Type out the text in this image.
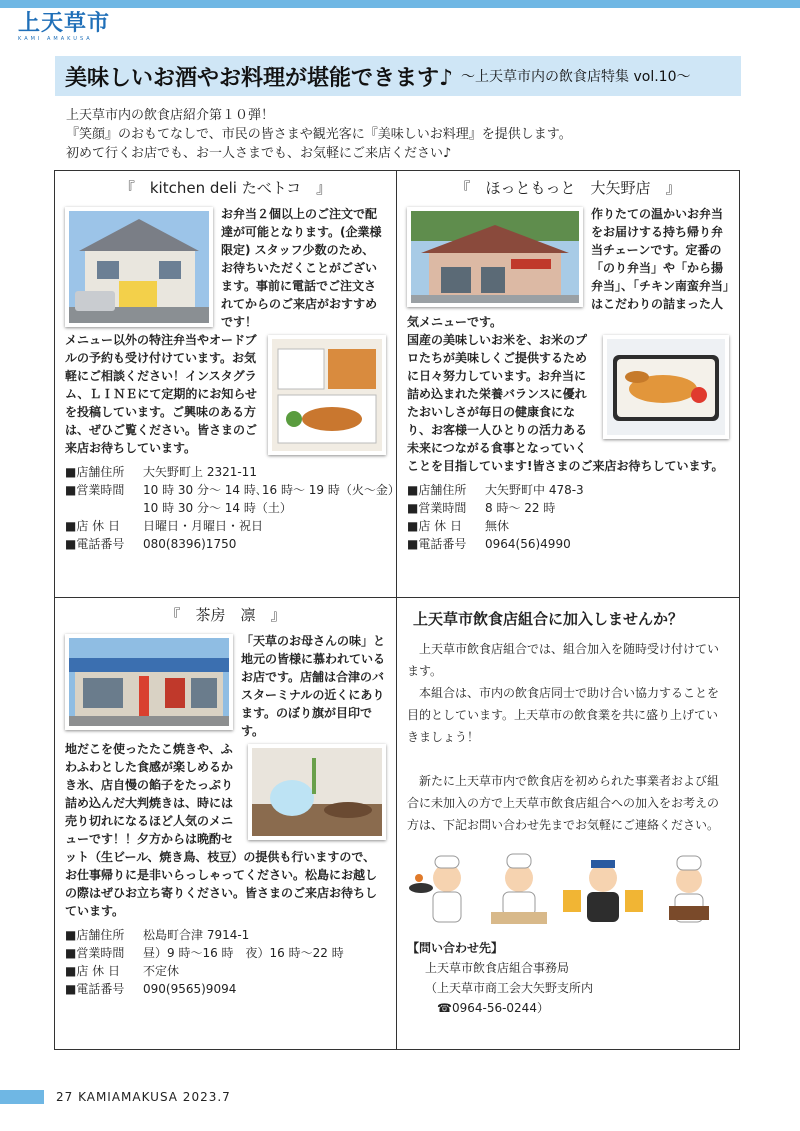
上天草市
KAMI AMAKUSA
美味しいお酒やお料理が堪能できます♪ ～上天草市内の飲食店特集 vol.10～

上天草市内の飲食店紹介第１０弾！

『笑顔』のおもてなしで、市民の皆さまや観光客に『美味しいお料理』を提供します。

初めて行くお店でも、お一人さまでも、お気軽にご来店ください♪

『　kitchen deli たべトコ　』
お弁当２個以上のご注文で配達が可能となります。(企業様限定) スタッフ少数のため、お待ちいただくことがございます。事前に電話でご注文されてからのご来店がおすすめです！
メニュー以外の特注弁当やオードブルの予約も受け付けています。お気軽にご相談ください！インスタグラム、ＬＩＮＥにて定期的にお知らせを投稿しています。ご興味のある方は、ぜひご覧ください。皆さまのご来店お待ちしています。
■店舗住所	大矢野町上 2321-11
■営業時間	10 時 30 分～ 14 時､16 時～ 19 時（火～金）
10 時 30 分～ 14 時（土）
■店 休 日	日曜日・月曜日・祝日
■電話番号	080(8396)1750
『　ほっともっと　大矢野店　』
作りたての温かいお弁当をお届けする持ち帰り弁当チェーンです。定番の「のり弁当」や「から揚弁当」、「チキン南蛮弁当」はこだわりの詰まった人気メニューです。
国産の美味しいお米を、お米のプロたちが美味しくご提供するために日々努力しています。お弁当に詰め込まれた栄養バランスに優れたおいしさが毎日の健康食になり、お客様一人ひとりの活力ある未来につながる食事となっていくことを目指しています!皆さまのご来店お待ちしています。
■店舗住所	大矢野町中 478-3
■営業時間	8 時～ 22 時
■店 休 日	無休
■電話番号	0964(56)4990
『　茶房　凛　』
「天草のお母さんの味」と地元の皆様に慕われているお店です。店舗は合津のバスターミナルの近くにあります。のぼり旗が目印です。
地だこを使ったたこ焼きや、ふわふわとした食感が楽しめるかき氷、店自慢の餡子をたっぷり詰め込んだ大判焼きは、時には売り切れになるほど人気のメニューです！！夕方からは晩酌セット（生ビール、焼き鳥、枝豆）の提供も行いますので、お仕事帰りに是非いらっしゃってください。松島にお越しの際はぜひお立ち寄りください。皆さまのご来店お待ちしています。
■店舗住所	松島町合津 7914-1
■営業時間	昼）9 時～16 時　夜）16 時～22 時
■店 休 日	不定休
■電話番号	090(9565)9094
上天草市飲食店組合に加入しませんか？

上天草市飲食店組合では、組合加入を随時受け付けています。

本組合は、市内の飲食店同士で助け合い協力することを目的としています。上天草市の飲食業を共に盛り上げていきましょう！

新たに上天草市内で飲食店を初められた事業者および組合に未加入の方で上天草市飲食店組合への加入をお考えの方は、下記お問い合わせ先までお気軽にご連絡ください。

【問い合わせ先】
上天草市飲食店組合事務局
（上天草市商工会大矢野支所内
☎0964-56-0244）
27 KAMIAMAKUSA 2023.7
